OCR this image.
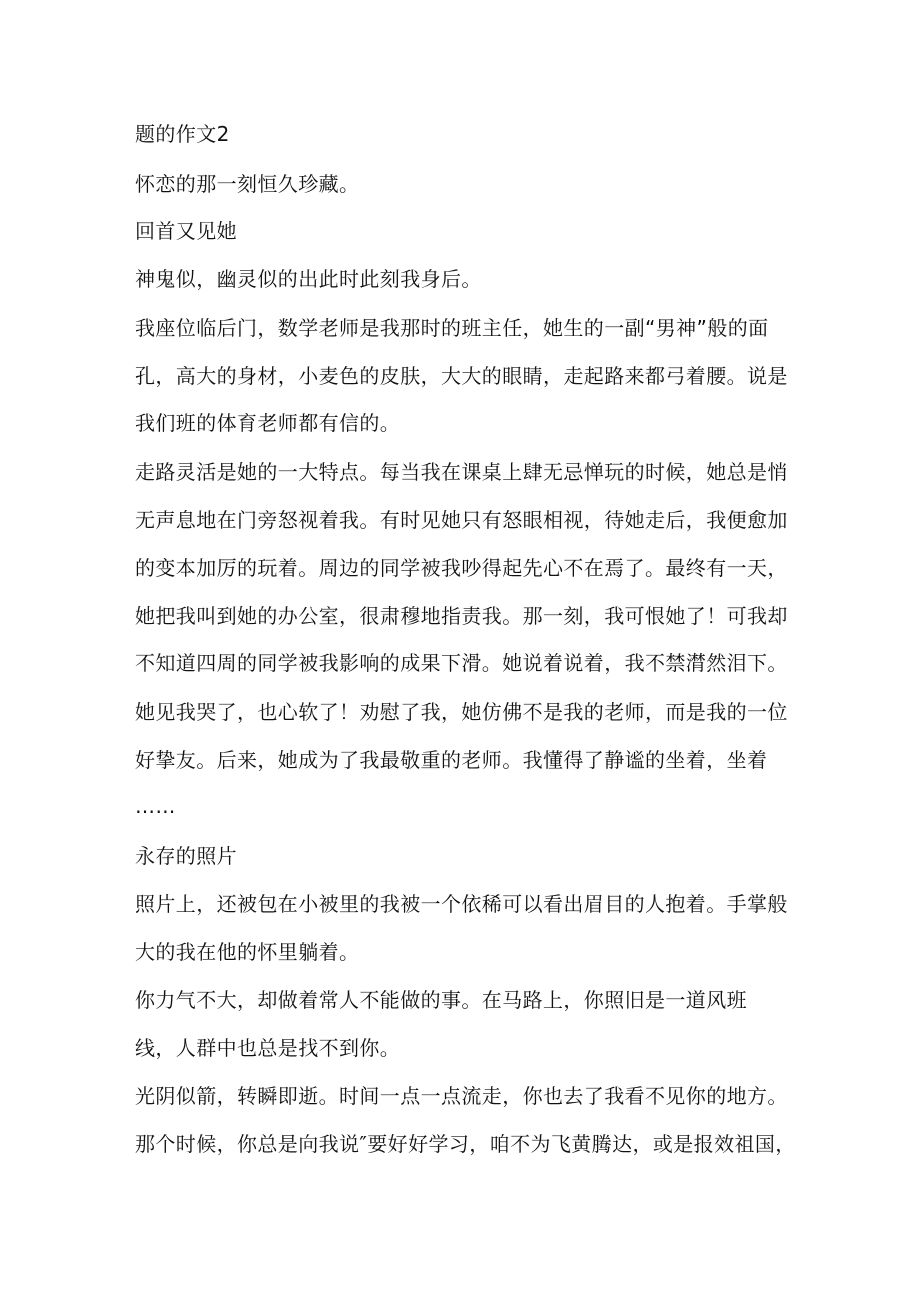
题的作文2
怀恋的那一刻恒久珍藏。
回首又见她
神鬼似，幽灵似的出此时此刻我身后。
我座位临后门，数学老师是我那时的班主任，她生的一副“男神”般的面
孔，高大的身材，小麦色的皮肤，大大的眼睛，走起路来都弓着腰。说是
我们班的体育老师都有信的。
走路灵活是她的一大特点。每当我在课桌上肆无忌惮玩的时候，她总是悄
无声息地在门旁怒视着我。有时见她只有怒眼相视，待她走后，我便愈加
的变本加厉的玩着。周边的同学被我吵得起先心不在焉了。最终有一天，
她把我叫到她的办公室，很肃穆地指责我。那一刻，我可恨她了！可我却
不知道四周的同学被我影响的成果下滑。她说着说着，我不禁潸然泪下。
她见我哭了，也心软了！劝慰了我，她仿佛不是我的老师，而是我的一位
好挚友。后来，她成为了我最敬重的老师。我懂得了静谧的坐着，坐着
……
永存的照片
照片上，还被包在小被里的我被一个依稀可以看出眉目的人抱着。手掌般
大的我在他的怀里躺着。
你力气不大，却做着常人不能做的事。在马路上，你照旧是一道风班
线，人群中也总是找不到你。
光阴似箭，转瞬即逝。时间一点一点流走，你也去了我看不见你的地方。
那个时候，你总是向我说″要好好学习，咱不为飞黄腾达，或是报效祖国，
